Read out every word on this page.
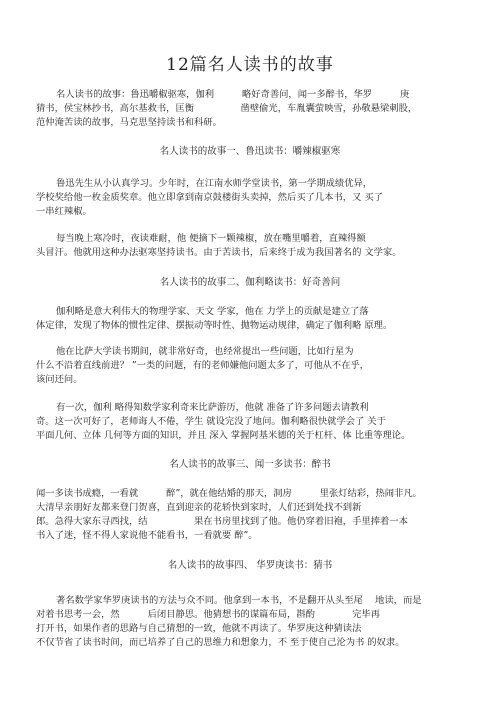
12篇名人读书的故事
名人读书的故事：鲁迅嚼椒驱寒，伽利　　　略好奇善问，闻一多醉书，华罗　　　庚
猜书，侯宝林抄书，高尔基救书，匡衡　　　　　凿壁偷光，车胤囊萤映雪，孙敬悬梁刺股，
范仲淹苦读的故事，马克思坚持读书和科研。
名人读书的故事一、鲁迅读书：嚼辣椒驱寒
鲁迅先生从小认真学习。少年时，在江南水师学堂读书，第一学期成绩优异，
学校奖给他一枚金质奖章。他立即拿到南京鼓楼街头卖掉，然后买了几本书，又 买了
一串红辣椒。
每当晚上寒冷时，夜读难耐，他 便摘下一颗辣椒，放在嘴里嚼着，直辣得额
头冒汗。他就用这种办法驱寒坚持读书。由于苦读书，后来终于成为我国著名的 文学家。
名人读书的故事二、伽利略读书：好奇善问
伽利略是意大利伟大的物理学家、天文 学家，他在 力学上的贡献是建立了落
体定律，发现了物体的惯性定律、摆振动等时性、抛物运动规律，确定了伽利略 原理。
他在比萨大学读书期间，就非常好奇，也经常提出一些问题，比如行星为
什么不沿着直线前进？ ”一类的问题，有的老师嫌他问题太多了，可他从不在乎，
该问还问。
有一次，伽利 略得知数学家利奇来比萨游历，他就 准备了许多问题去请教利
奇。这一次可好了，老师诲人不倦，学生 就设完没了地问。伽利略很快就学会了 关于
平面几何、立体 几何等方面的知识，并且 深入 掌握阿基米德的关于杠杆、体 比重等理论。
名人读书的故事三、闻一多读书：醉书
闻一多读书成瘾，一看就　　　醉”，就在他结婚的那天，洞房　　　里张灯结彩，热闹非凡。
大清早亲朋好友都来登门贺喜，直到迎亲的花轿快到家时，人们还到处找不到新
郎。急得大家东寻西找，结　　　　　果在书房里找到了他。他仍穿着旧袍，手里捧着一本
书入了迷，怪不得人家说他不能看书，一看就要 醉”。
名人读书的故事四、 华罗庚读书：猜书
著名数学家华罗庚读书的方法与众不同。他拿到一本书，不是翻开从头至尾　 地读，而是
对着书思考一会，然　　　后闭目静思。他猜想书的谋篇布局，斟酌　　　　完毕再
打开书，如果作者的思路与自己猜想的一致，他就不再读了。华罗庚这种猜读法
不仅节省了读书时间，而已培养了自己的思维力和想象力，不 至于使自己沦为书 的奴隶。
